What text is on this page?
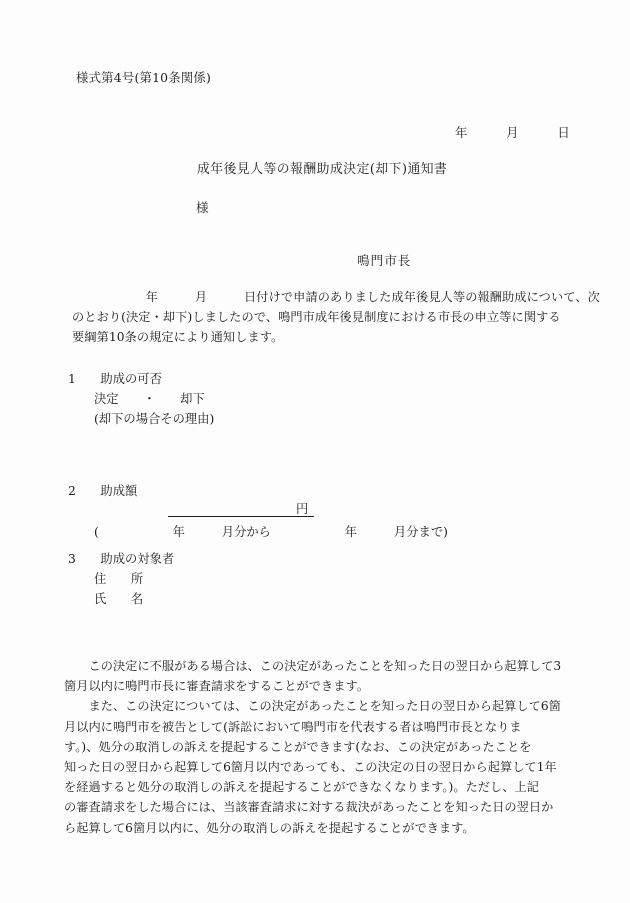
様式第4号(第10条関係)
年　　　月　　　日
成年後見人等の報酬助成決定(却下)通知書
様
鳴門市長
　　　　　　年　　　月　　　日付けで申請のありました成年後見人等の報酬助成について、次
のとおり(決定・却下)しましたので、鳴門市成年後見制度における市長の申立等に関する
要綱第10条の規定により通知します。
1　　助成の可否
決定　　・　　却下
(却下の場合その理由)
2　　助成額
円
(　　　　　　年　　　月分から　　　　　　年　　　月分まで)
3　　助成の対象者
住　　所
氏　　名
　　この決定に不服がある場合は、この決定があったことを知った日の翌日から起算して3
箇月以内に鳴門市長に審査請求をすることができます。
　　また、この決定については、この決定があったことを知った日の翌日から起算して6箇
月以内に鳴門市を被告として(訴訟において鳴門市を代表する者は鳴門市長となりま
す。)、処分の取消しの訴えを提起することができます(なお、この決定があったことを
知った日の翌日から起算して6箇月以内であっても、この決定の日の翌日から起算して1年
を経過すると処分の取消しの訴えを提起することができなくなります。)。ただし、上記
の審査請求をした場合には、当該審査請求に対する裁決があったことを知った日の翌日か
ら起算して6箇月以内に、処分の取消しの訴えを提起することができます。
